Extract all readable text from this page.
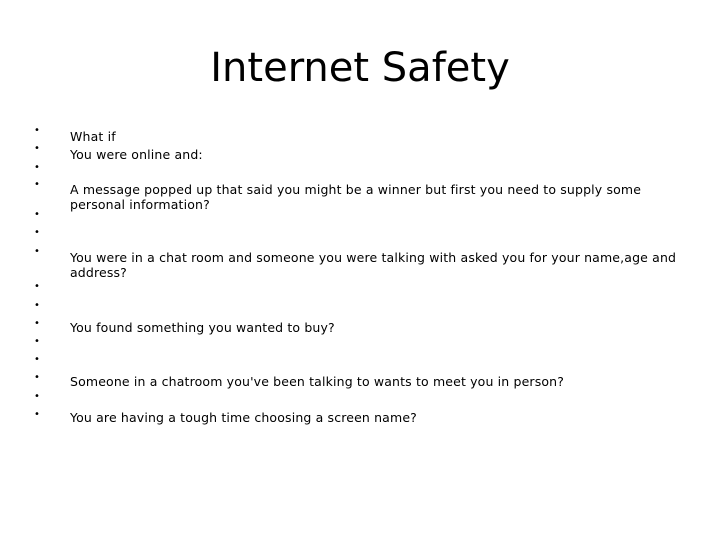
Internet Safety
•
•
•
•
•
•
•
•
•
•
•
•
•
•
•
What if
You were online and:
A message popped up that said you might be a winner but first you need to supply some personal information?
You were in a chat room and someone you were talking with asked you for your name,age and address?
You found something you wanted to buy?
Someone in a chatroom you've been talking to wants to meet you in person?
You are having a tough time choosing a screen name?
